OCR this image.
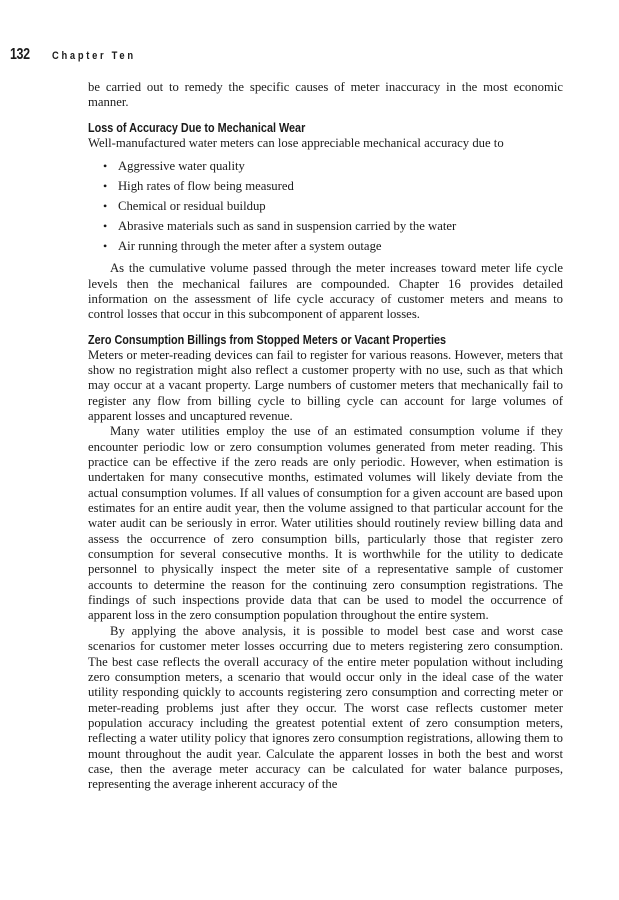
132 Chapter Ten

be carried out to remedy the specific causes of meter inaccuracy in the most economic manner.

Loss of Accuracy Due to Mechanical Wear

Well-manufactured water meters can lose appreciable mechanical accuracy due to

• Aggressive water quality
• High rates of flow being measured
• Chemical or residual buildup
• Abrasive materials such as sand in suspension carried by the water
• Air running through the meter after a system outage

As the cumulative volume passed through the meter increases toward meter life cycle levels then the mechanical failures are compounded. Chapter 16 provides detailed information on the assessment of life cycle accuracy of customer meters and means to control losses that occur in this subcomponent of apparent losses.

Zero Consumption Billings from Stopped Meters or Vacant Properties

Meters or meter-reading devices can fail to register for various reasons. However, meters that show no registration might also reflect a customer property with no use, such as that which may occur at a vacant property. Large numbers of customer meters that mechanically fail to register any flow from billing cycle to billing cycle can account for large volumes of apparent losses and uncaptured revenue.

Many water utilities employ the use of an estimated consumption volume if they encounter periodic low or zero consumption volumes generated from meter reading. This practice can be effective if the zero reads are only periodic. However, when estimation is undertaken for many consecutive months, estimated volumes will likely deviate from the actual consumption volumes. If all values of consumption for a given account are based upon estimates for an entire audit year, then the volume assigned to that particular account for the water audit can be seriously in error. Water utilities should routinely review billing data and assess the occurrence of zero consumption bills, particularly those that register zero consumption for several consecutive months. It is worthwhile for the utility to dedicate personnel to physically inspect the meter site of a representative sample of customer accounts to determine the reason for the continuing zero consumption registrations. The findings of such inspections provide data that can be used to model the occurrence of apparent loss in the zero consumption population throughout the entire system.

By applying the above analysis, it is possible to model best case and worst case scenarios for customer meter losses occurring due to meters registering zero consumption. The best case reflects the overall accuracy of the entire meter population without including zero consumption meters, a scenario that would occur only in the ideal case of the water utility responding quickly to accounts registering zero consumption and correcting meter or meter-reading problems just after they occur. The worst case reflects customer meter population accuracy including the greatest potential extent of zero consumption meters, reflecting a water utility policy that ignores zero consumption registrations, allowing them to mount throughout the audit year. Calculate the apparent losses in both the best and worst case, then the average meter accuracy can be calculated for water balance purposes, representing the average inherent accuracy of the
